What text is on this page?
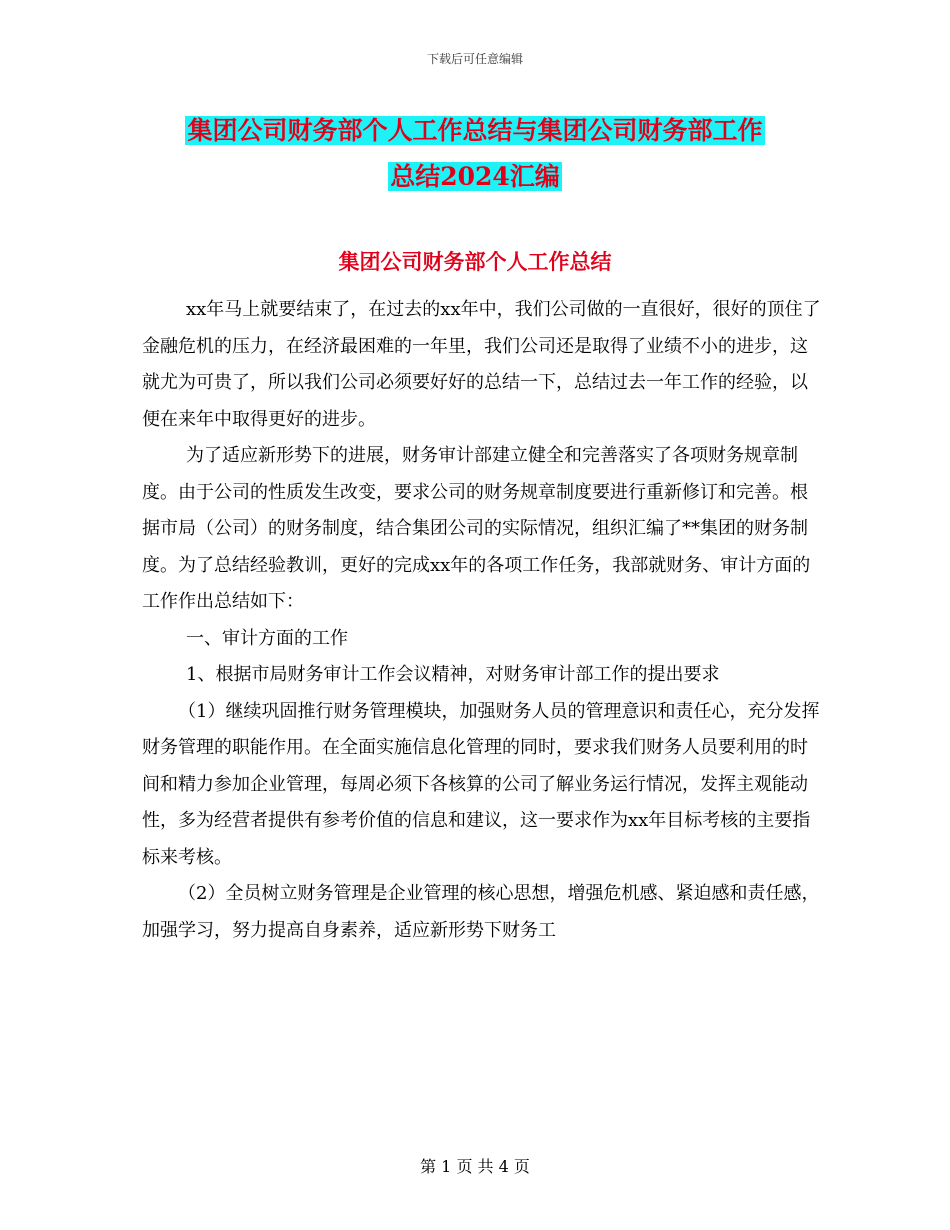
下载后可任意编辑
集团公司财务部个人工作总结与集团公司财务部工作
总结2024汇编
集团公司财务部个人工作总结

xx年马上就要结束了，在过去的xx年中，我们公司做的一直很好，很好的顶住了金融危机的压力，在经济最困难的一年里，我们公司还是取得了业绩不小的进步，这就尤为可贵了，所以我们公司必须要好好的总结一下，总结过去一年工作的经验，以便在来年中取得更好的进步。

为了适应新形势下的进展，财务审计部建立健全和完善落实了各项财务规章制度。由于公司的性质发生改变，要求公司的财务规章制度要进行重新修订和完善。根据市局（公司）的财务制度，结合集团公司的实际情况，组织汇编了**集团的财务制度。为了总结经验教训，更好的完成xx年的各项工作任务，我部就财务、审计方面的工作作出总结如下：

一、审计方面的工作

1、根据市局财务审计工作会议精神，对财务审计部工作的提出要求

（1）继续巩固推行财务管理模块，加强财务人员的管理意识和责任心，充分发挥财务管理的职能作用。在全面实施信息化管理的同时，要求我们财务人员要利用的时间和精力参加企业管理，每周必须下各核算的公司了解业务运行情况，发挥主观能动性，多为经营者提供有参考价值的信息和建议，这一要求作为xx年目标考核的主要指标来考核。

（2）全员树立财务管理是企业管理的核心思想，增强危机感、紧迫感和责任感，加强学习，努力提高自身素养，适应新形势下财务工

第 1 页 共 4 页
